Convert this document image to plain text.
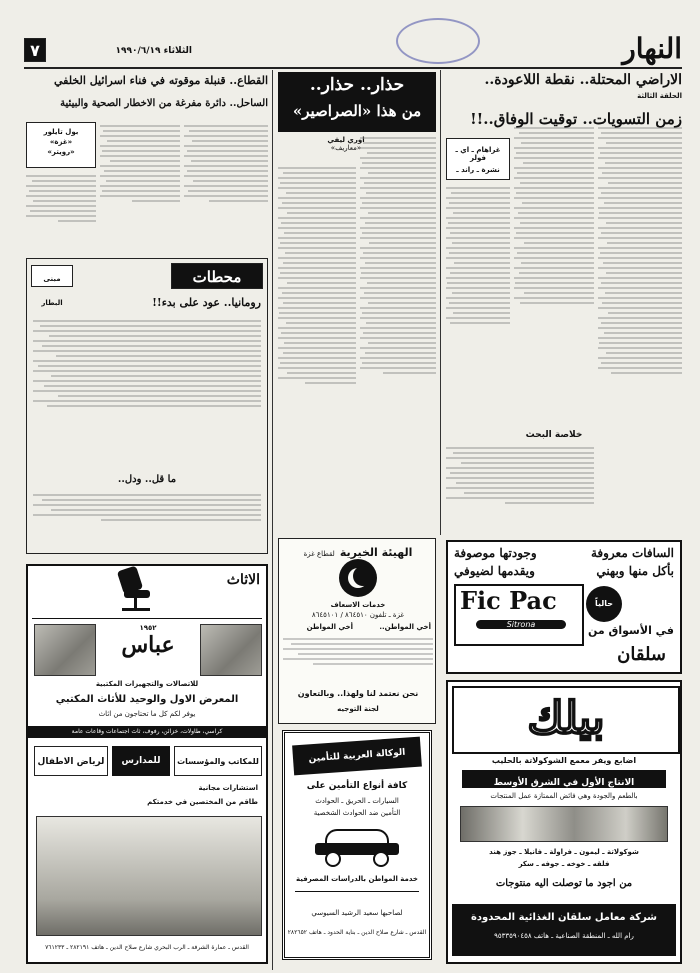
٧	الثلاثاء ١٩٩٠/٦/١٩	النهار
الاراضي المحتلة.. نقطة اللاعودة..
الحلقة الثالثة
زمن التسويات.. توقيت الوفاق..!!
غراهام ـ اي ـ فولر
نشرة ـ راند ـ
خلاصة البحث
حذار.. حذار..
من هذا «الصراصير»
اوري ليفي
«معاريف»
القطاع.. قنبلة موقوته في فناء اسرائيل الخلفي
الساحل.. دائرة مفرغة من الاخطار الصحية والبيئية
بول تايلور
«غزة»
«رويتر»
محطات
مبنى البطار	رومانيا.. عود على بدء!!
ما قل.. ودل..
الهيئة الخيرية لقطاع غزة
خدمات الاسعاف
غزة ـ تلفون ٨٦٤٥١٠ / ٨٦٤٥١٠١
أخي المواطن..
أخي المواطن
نحن نعتمد لنا ولهذا.. وبالتعاون
لجنة التوجيه
الوكالة العربية للتأمين
كافة أنواع التأمين على
السيارات ـ الحريق ـ الحوادث
التأمين ضد الحوادث الشخصية
خدمة المواطن بالدراسات المصرفية
لصاحبها سعيد الرشيد السيوسي
القدس ـ شارع صلاح الدين ـ بناية الحدود ـ هاتف ٢٨٢٦٥٢
الاثاث
١٩٥٢
عباس
للاتصالات والتجهيزات المكتبية
المعرض الاول والوحيد للأثاث المكتبي
يوفر لكم كل ما تحتاجون من اثاث
كراسي، طاولات، خزائن، رفوف، ثاث اجتماعات وقاعات عامة
للمكاتب والمؤسسات
للمدارس
لرياض الاطفال
استشارات مجانية
طاقم من المختصين في خدمتكم
القدس ـ عمارة الشرفة ـ الرب البحري شارع صلاح الدين ـ هاتف ٢٨٢١٩١ ـ ٧٦١٢٣٣
السافات معروفة
وجودتها موصوفة
بأكل منها وبهني
ويقدمها لضيوفي
Fic Pac
Sitrona
حالياً
في الأسواق من
سلقان
بيلك
اضابع ويفر معمع الشوكولاتة بالحليب
الانتاج الأول في الشرق الأوسط
بالطعم والجودة وهي فائض الممتازة عمل المنتجات
شوكولاتة ـ ليمون ـ فراولة ـ فانيلا ـ جوز هند
فلقه ـ خوخه ـ جوفه ـ سكر
من اجود ما توصلت اليه منتوجات
شركة معامل سلقان الغذائية المحدودة
رام الله ـ المنطقة الصناعية ـ هاتف ٩٥٣٣٥٩٠٤٥٨
